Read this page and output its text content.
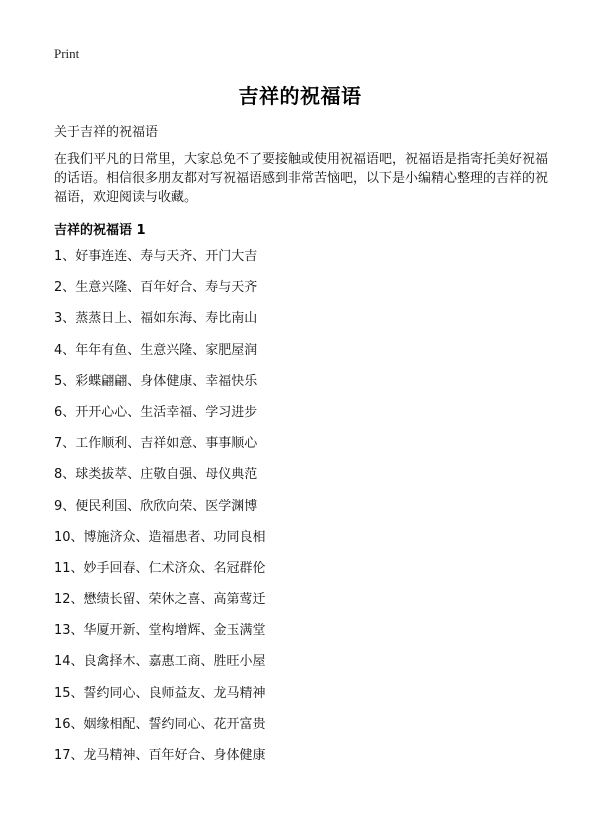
Print
吉祥的祝福语
关于吉祥的祝福语
在我们平凡的日常里，大家总免不了要接触或使用祝福语吧，祝福语是指寄托美好祝福的话语。相信很多朋友都对写祝福语感到非常苦恼吧，以下是小编精心整理的吉祥的祝福语，欢迎阅读与收藏。
吉祥的祝福语 1
1、好事连连、寿与天齐、开门大吉
2、生意兴隆、百年好合、寿与天齐
3、蒸蒸日上、福如东海、寿比南山
4、年年有鱼、生意兴隆、家肥屋润
5、彩蝶翩翩、身体健康、幸福快乐
6、开开心心、生活幸福、学习进步
7、工作顺利、吉祥如意、事事顺心
8、球类拔萃、庄敬自强、母仪典范
9、便民利国、欣欣向荣、医学渊博
10、博施济众、造福患者、功同良相
11、妙手回春、仁术济众、名冠群伦
12、懋绩长留、荣休之喜、高第莺迁
13、华厦开新、堂构增辉、金玉满堂
14、良禽择木、嘉惠工商、胜旺小屋
15、誓约同心、良师益友、龙马精神
16、姻缘相配、誓约同心、花开富贵
17、龙马精神、百年好合、身体健康
